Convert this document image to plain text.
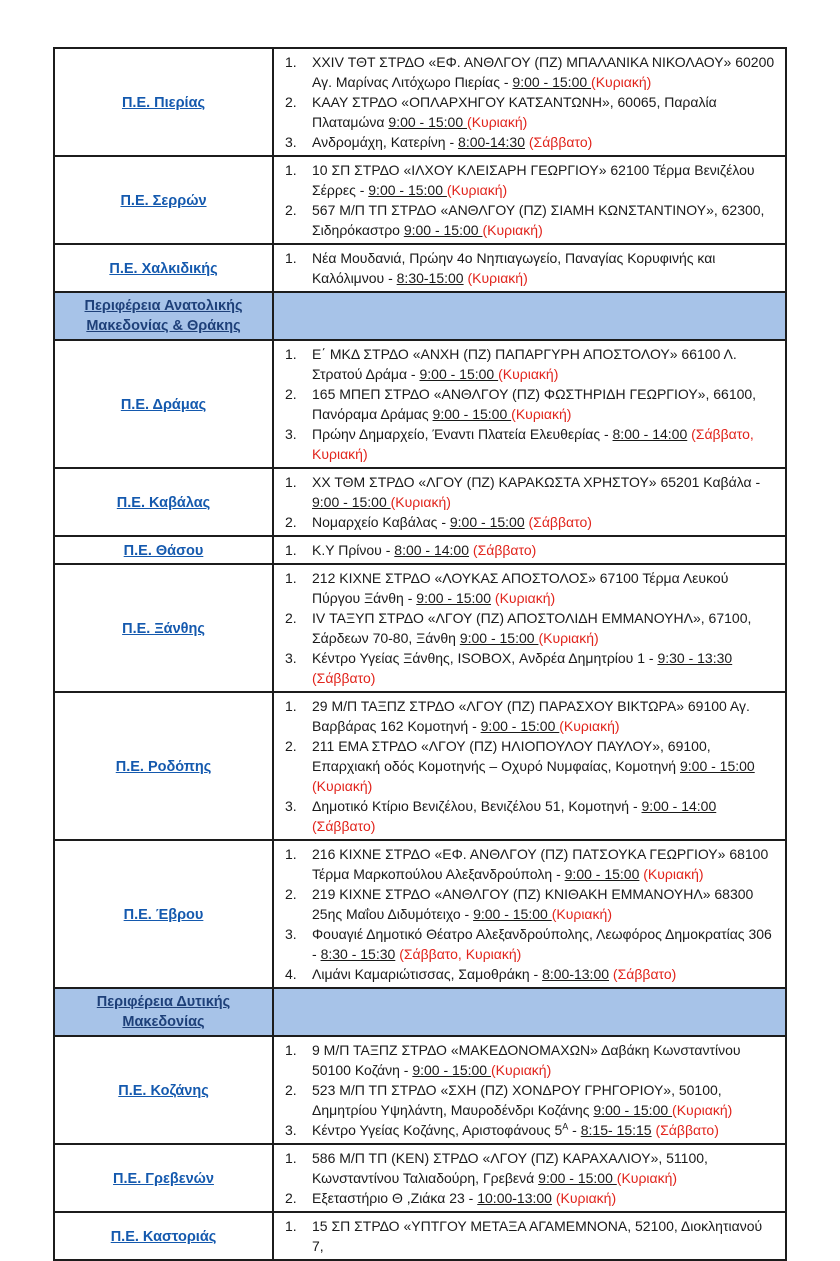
Π.Ε. Πιερίας	
1.	XXIV ΤΘΤ ΣΤΡΔΟ «ΕΦ. ΑΝΘΛΓΟΥ (ΠΖ) ΜΠΑΛΑΝΙΚΑ ΝΙΚΟΛΑΟΥ» 60200 Αγ. Μαρίνας Λιτόχωρο Πιερίας - 9:00 - 15:00 (Κυριακή)
2.	ΚΑΑΥ ΣΤΡΔΟ «ΟΠΛΑΡΧΗΓΟΥ ΚΑΤΣΑΝΤΩΝΗ», 60065, Παραλία Πλαταμώνα 9:00 - 15:00 (Κυριακή)
3.	Ανδρομάχη, Κατερίνη - 8:00-14:30 (Σάββατο)

Π.Ε. Σερρών	1. 10 ΣΠ ΣΤΡΔΟ «ΙΛΧΟΥ ΚΛΕΙΣΑΡΗ ΓΕΩΡΓΙΟΥ» 62100 Τέρμα Βενιζέλου Σέρρες - 9:00 - 15:00 (Κυριακή)
2. 567 Μ/Π ΤΠ ΣΤΡΔΟ «ΑΝΘΛΓΟΥ (ΠΖ) ΣΙΑΜΗ ΚΩΝΣΤΑΝΤΙΝΟΥ», 62300, Σιδηρόκαστρο 9:00 - 15:00 (Κυριακή)

Π.Ε. Χαλκιδικής	1. Νέα Μουδανιά, Πρώην 4ο Νηπιαγωγείο, Παναγίας Κορυφινής και Καλόλιμνου - 8:30-15:00 (Κυριακή)

Περιφέρεια Ανατολικής Μακεδονίας & Θράκης	
Π.Ε. Δράμας	
1.	Ε΄ ΜΚΔ ΣΤΡΔΟ «ΑΝΧΗ (ΠΖ) ΠΑΠΑΡΓΥΡΗ ΑΠΟΣΤΟΛΟΥ» 66100 Λ. Στρατού Δράμα - 9:00 - 15:00 (Κυριακή)
2.	165 ΜΠΕΠ ΣΤΡΔΟ «ΑΝΘΛΓΟΥ (ΠΖ) ΦΩΣΤΗΡΙΔΗ ΓΕΩΡΓΙΟΥ», 66100, Πανόραμα Δράμας 9:00 - 15:00 (Κυριακή)
3.	Πρώην Δημαρχείο, Έναντι Πλατεία Ελευθερίας - 8:00 - 14:00 (Σάββατο, Κυριακή)

Π.Ε. Καβάλας	1. ΧΧ ΤΘΜ ΣΤΡΔΟ «ΛΓΟΥ (ΠΖ) ΚΑΡΑΚΩΣΤΑ ΧΡΗΣΤΟΥ» 65201 Καβάλα - 9:00 - 15:00 (Κυριακή)
2. Νομαρχείο Καβάλας - 9:00 - 15:00 (Σάββατο)

Π.Ε. Θάσου	1. Κ.Υ Πρίνου - 8:00 - 14:00 (Σάββατο)

Π.Ε. Ξάνθης	
1.	212 ΚΙΧΝΕ ΣΤΡΔΟ «ΛΟΥΚΑΣ ΑΠΟΣΤΟΛΟΣ» 67100 Τέρμα Λευκού Πύργου Ξάνθη - 9:00 - 15:00 (Κυριακή)
2.	IV ΤΑΞΥΠ ΣΤΡΔΟ «ΛΓΟΥ (ΠΖ) ΑΠΟΣΤΟΛΙΔΗ ΕΜΜΑΝΟΥΗΛ», 67100, Σάρδεων 70-80, Ξάνθη 9:00 - 15:00 (Κυριακή)
3.	Κέντρο Υγείας Ξάνθης, ISOBOX, Ανδρέα Δημητρίου 1 - 9:30 - 13:30 (Σάββατο)

Π.Ε. Ροδόπης	
1.	29 Μ/Π ΤΑΞΠΖ ΣΤΡΔΟ «ΛΓΟΥ (ΠΖ) ΠΑΡΑΣΧΟΥ ΒΙΚΤΩΡΑ» 69100 Αγ. Βαρβάρας 162 Κομοτηνή - 9:00 - 15:00 (Κυριακή)
2.	211 ΕΜΑ ΣΤΡΔΟ «ΛΓΟΥ (ΠΖ) ΗΛΙΟΠΟΥΛΟΥ ΠΑΥΛΟΥ», 69100, Επαρχιακή οδός Κομοτηνής – Οχυρό Νυμφαίας, Κομοτηνή 9:00 - 15:00 (Κυριακή)
3.	Δημοτικό Κτίριο Βενιζέλου, Βενιζέλου 51, Κομοτηνή - 9:00 - 14:00 (Σάββατο)

Π.Ε. Έβρου	
1.	216 ΚΙΧΝΕ ΣΤΡΔΟ «ΕΦ. ΑΝΘΛΓΟΥ (ΠΖ) ΠΑΤΣΟΥΚΑ ΓΕΩΡΓΙΟΥ» 68100 Τέρμα Μαρκοπούλου Αλεξανδρούπολη - 9:00 - 15:00 (Κυριακή)
2.	219 ΚΙΧΝΕ ΣΤΡΔΟ «ΑΝΘΛΓΟΥ (ΠΖ) ΚΝΙΘΑΚΗ ΕΜΜΑΝΟΥΗΛ» 68300 25ης Μαΐου Διδυμότειχο - 9:00 - 15:00 (Κυριακή)
3.	Φουαγιέ Δημοτικό Θέατρο Αλεξανδρούπολης, Λεωφόρος Δημοκρατίας 306 - 8:30 - 15:30 (Σάββατο, Κυριακή)
4.	Λιμάνι Καμαριώτισσας, Σαμοθράκη - 8:00-13:00 (Σάββατο)

Περιφέρεια Δυτικής Μακεδονίας	
Π.Ε. Κοζάνης	
1.	9 Μ/Π ΤΑΞΠΖ ΣΤΡΔΟ «ΜΑΚΕΔΟΝΟΜΑΧΩΝ» Δαβάκη Κωνσταντίνου 50100 Κοζάνη - 9:00 - 15:00 (Κυριακή)
2.	523 Μ/Π ΤΠ ΣΤΡΔΟ «ΣΧΗ (ΠΖ) ΧΟΝΔΡΟΥ ΓΡΗΓΟΡΙΟΥ», 50100, Δημητρίου Υψηλάντη, Μαυροδένδρι Κοζάνης 9:00 - 15:00 (Κυριακή)
3.	Κέντρο Υγείας Κοζάνης, Αριστοφάνους $5^A$ - 8:15- 15:15 (Σάββατο)

Π.Ε. Γρεβενών	1. 586 Μ/Π ΤΠ (ΚΕΝ) ΣΤΡΔΟ «ΛΓΟΥ (ΠΖ) ΚΑΡΑΧΑΛΙΟΥ», 51100, Κωνσταντίνου Ταλιαδούρη, Γρεβενά 9:00 - 15:00 (Κυριακή)
2. Εξεταστήριο Θ ,Ζιάκα 23 - 10:00-13:00 (Κυριακή)

Π.Ε. Καστοριάς	1. 15 ΣΠ ΣΤΡΔΟ «ΥΠΤΓΟΥ ΜΕΤΑΞΑ ΑΓΑΜΕΜΝΟΝΑ, 52100, Διοκλητιανού 7,
